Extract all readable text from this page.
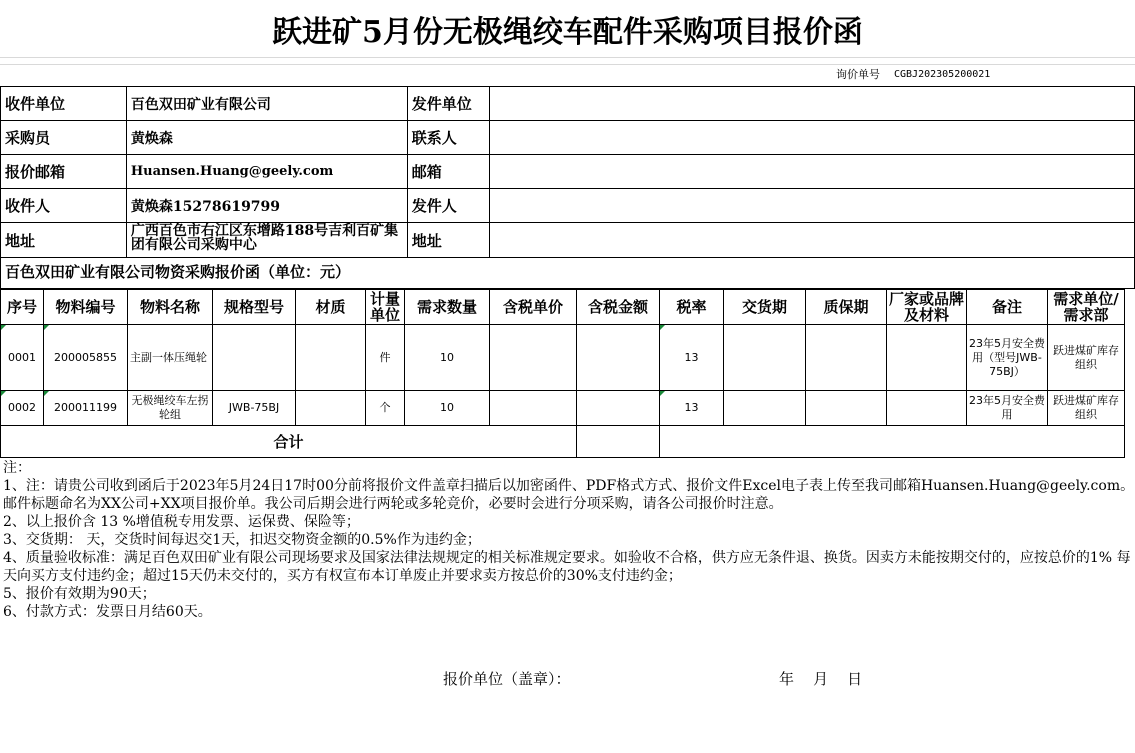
跃进矿5月份无极绳绞车配件采购项目报价函
询价单号 CGBJ202305200021
收件单位	百色双田矿业有限公司	发件单位	
采购员	黄焕森	联系人	
报价邮箱	Huansen.Huang@geely.com	邮箱	
收件人	黄焕森15278619799	发件人	
地址	广西百色市右江区东增路188号吉利百矿集团有限公司采购中心	地址	
百色双田矿业有限公司物资采购报价函（单位：元）
序号	物料编号	物料名称	规格型号	材质	计量单位	需求数量	含税单价	含税金额	税率	交货期	质保期	厂家或品牌及材料	备注	需求单位/需求部
0001	200005855	主副一体压绳轮			件	10			13				23年5月安全费用（型号JWB-75BJ）	跃进煤矿库存组织
0002	200011199	无极绳绞车左拐轮组	JWB-75BJ		个	10			13				23年5月安全费用	跃进煤矿库存组织
合计														
注：
1、注：请贵公司收到函后于2023年5月24日17时00分前将报价文件盖章扫描后以加密函件、PDF格式方式、报价文件Excel电子表上传至我司邮箱Huansen.Huang@geely.com。邮件标题命名为XX公司+XX项目报价单。我公司后期会进行两轮或多轮竞价，必要时会进行分项采购，请各公司报价时注意。
2、以上报价含 13 %增值税专用发票、运保费、保险等；
3、交货期： 天，交货时间每迟交1天，扣迟交物资金额的0.5%作为违约金；
4、质量验收标准：满足百色双田矿业有限公司现场要求及国家法律法规规定的相关标准规定要求。如验收不合格，供方应无条件退、换货。因卖方未能按期交付的，应按总价的1% 每天向买方支付违约金；超过15天仍未交付的，买方有权宣布本订单废止并要求卖方按总价的30%支付违约金；
5、报价有效期为90天；
6、付款方式：发票日月结60天。
报价单位（盖章）：	年    月    日
